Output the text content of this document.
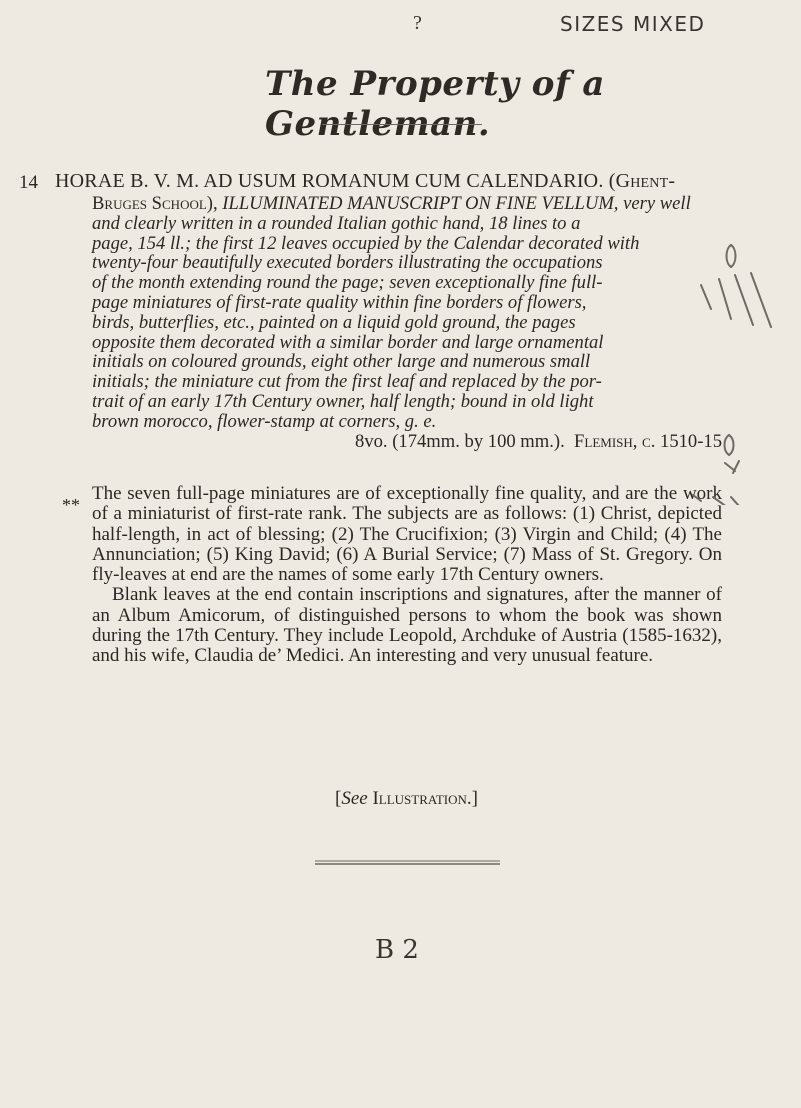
?	SIZES MIXED
The Property of a Gentleman.
14 HORAE B. V. M. AD USUM ROMANUM CUM CALENDARIO. (Ghent-
Bruges School), ILLUMINATED MANUSCRIPT ON FINE VELLUM, very well
and clearly written in a rounded Italian gothic hand, 18 lines to a
page, 154 ll.; the first 12 leaves occupied by the Calendar decorated with
twenty-four beautifully executed borders illustrating the occupations
of the month extending round the page; seven exceptionally fine full-
page miniatures of first-rate quality within fine borders of flowers,
birds, butterflies, etc., painted on a liquid gold ground, the pages
opposite them decorated with a similar border and large ornamental
initials on coloured grounds, eight other large and numerous small
initials; the miniature cut from the first leaf and replaced by the por-
trait of an early 17th Century owner, half length; bound in old light
brown morocco, flower-stamp at corners, g. e.
8vo. (174mm. by 100 mm.). Flemish, c. 1510-15
**

The seven full-page miniatures are of exceptionally fine quality, and are the work of a miniaturist of first-rate rank. The subjects are as follows: (1) Christ, depicted half-length, in act of blessing; (2) The Crucifixion; (3) Virgin and Child; (4) The Annunciation; (5) King David; (6) A Burial Service; (7) Mass of St. Gregory. On fly-leaves at end are the names of some early 17th Century owners.

Blank leaves at the end contain inscriptions and signatures, after the manner of an Album Amicorum, of distinguished persons to whom the book was shown during the 17th Century. They include Leopold, Archduke of Austria (1585-1632), and his wife, Claudia de’ Medici. An interesting and very unusual feature.

[See Illustration.]
B 2
